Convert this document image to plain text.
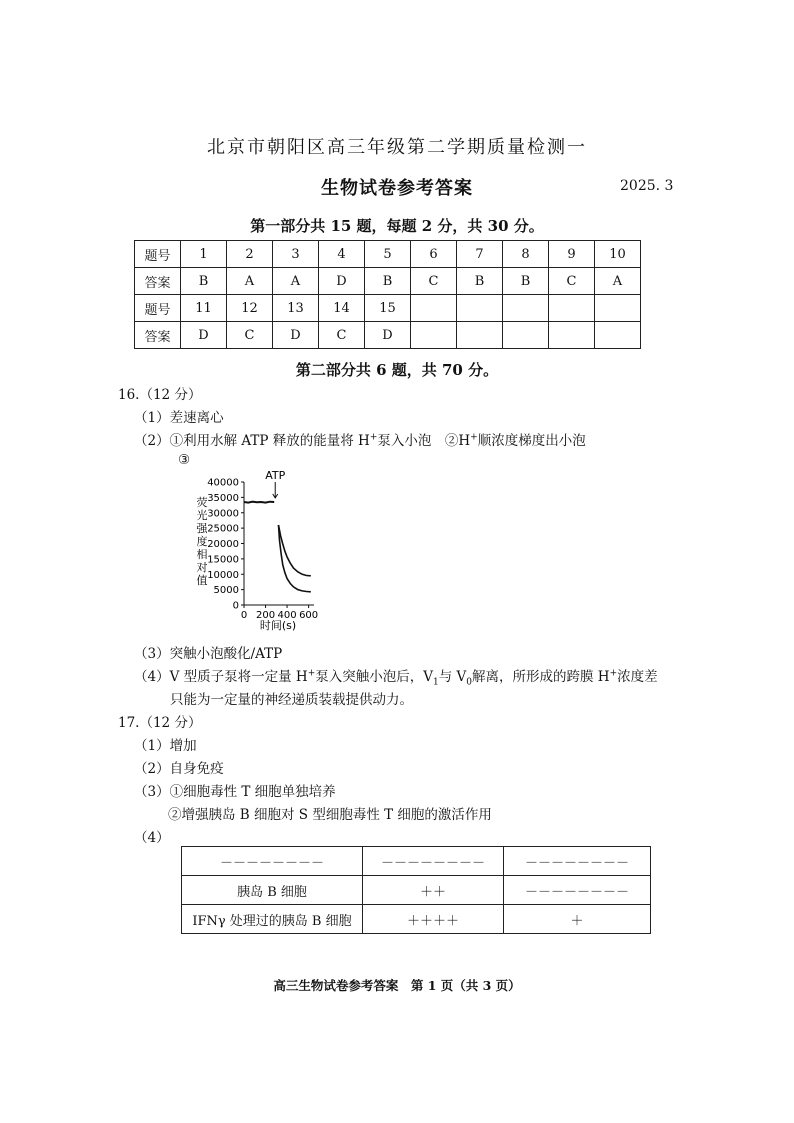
北京市朝阳区高三年级第二学期质量检测一
生物试卷参考答案	2025. 3
第一部分共 15 题，每题 2 分，共 30 分。
题号	1	2	3	4	5	6	7	8	9	10
答案	B	A	A	D	B	C	B	B	C	A
题号	11	12	13	14	15					
答案	D	C	D	C	D					
第二部分共 6 题，共 70 分。
16.（12 分）
（1）差速离心
（2）①利用水解 ATP 释放的能量将 H+泵入小泡　②H+顺浓度梯度出小泡
③
荧
光
强
度
相
对
值
0
5000
10000
15000
20000
25000
30000
35000
40000
0 200 400 600
ATP
时间(s)
（3）突触小泡酸化/ATP
（4）V 型质子泵将一定量 H+泵入突触小泡后，$V_1$与 $V_0$解离，所形成的跨膜 H+浓度差
只能为一定量的神经递质装载提供动力。
17.（12 分）
（1）增加
（2）自身免疫
（3）①细胞毒性 T 细胞单独培养
②增强胰岛 B 细胞对 S 型细胞毒性 T 细胞的激活作用
（4）
－－－－－－－－	－－－－－－－－	－－－－－－－－
胰岛 B 细胞	＋＋	－－－－－－－－
IFNγ 处理过的胰岛 B 细胞	＋＋＋＋	＋
高三生物试卷参考答案　第 1 页（共 3 页）
